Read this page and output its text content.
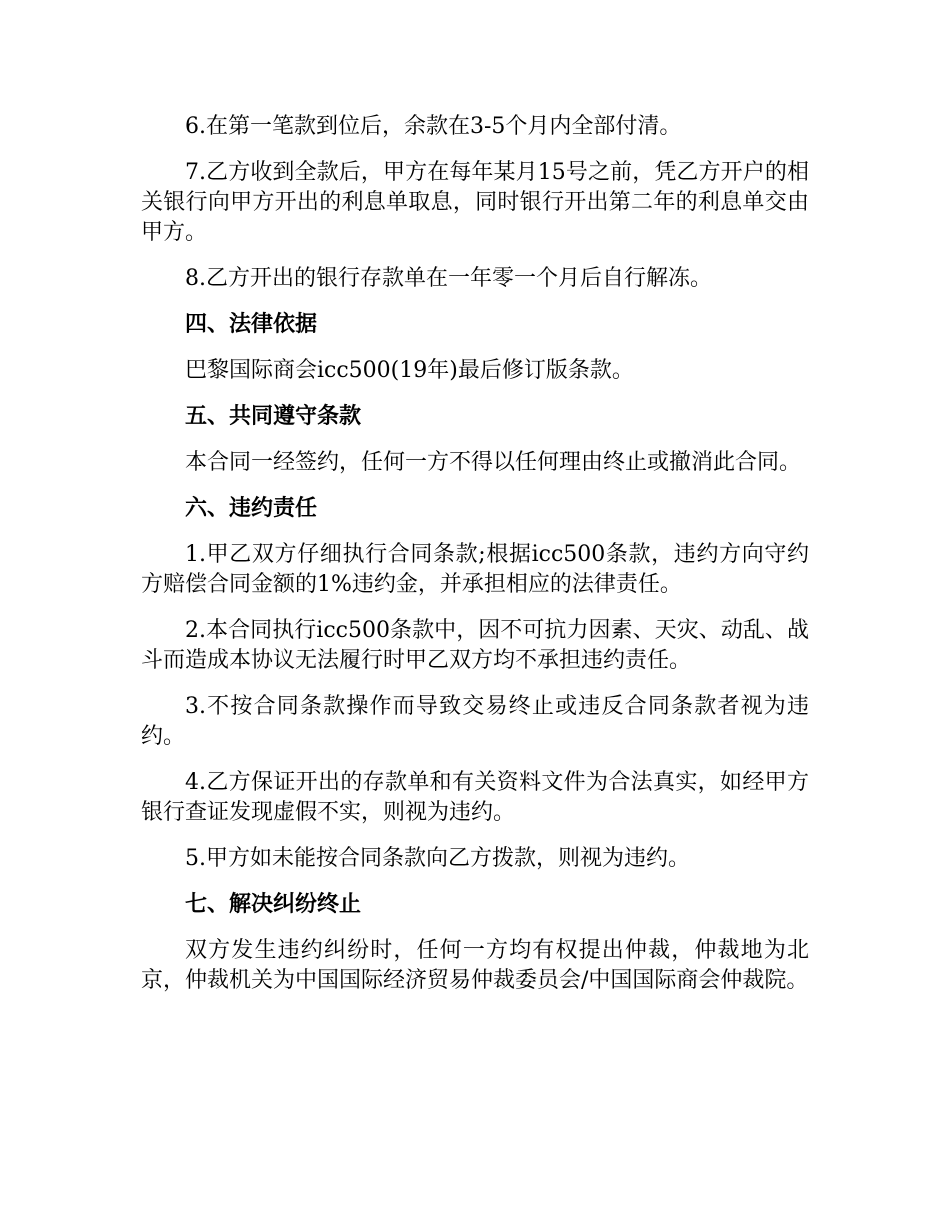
6.在第一笔款到位后，余款在3-5个月内全部付清。

7.乙方收到全款后，甲方在每年某月15号之前，凭乙方开户的相关银行向甲方开出的利息单取息，同时银行开出第二年的利息单交由甲方。

8.乙方开出的银行存款单在一年零一个月后自行解冻。

四、法律依据

巴黎国际商会icc500(19年)最后修订版条款。

五、共同遵守条款

本合同一经签约，任何一方不得以任何理由终止或撤消此合同。

六、违约责任

1.甲乙双方仔细执行合同条款;根据icc500条款，违约方向守约方赔偿合同金额的1%违约金，并承担相应的法律责任。

2.本合同执行icc500条款中，因不可抗力因素、天灾、动乱、战斗而造成本协议无法履行时甲乙双方均不承担违约责任。

3.不按合同条款操作而导致交易终止或违反合同条款者视为违约。

4.乙方保证开出的存款单和有关资料文件为合法真实，如经甲方银行查证发现虚假不实，则视为违约。

5.甲方如未能按合同条款向乙方拨款，则视为违约。

七、解决纠纷终止

双方发生违约纠纷时，任何一方均有权提出仲裁，仲裁地为北京，仲裁机关为中国国际经济贸易仲裁委员会/中国国际商会仲裁院。
